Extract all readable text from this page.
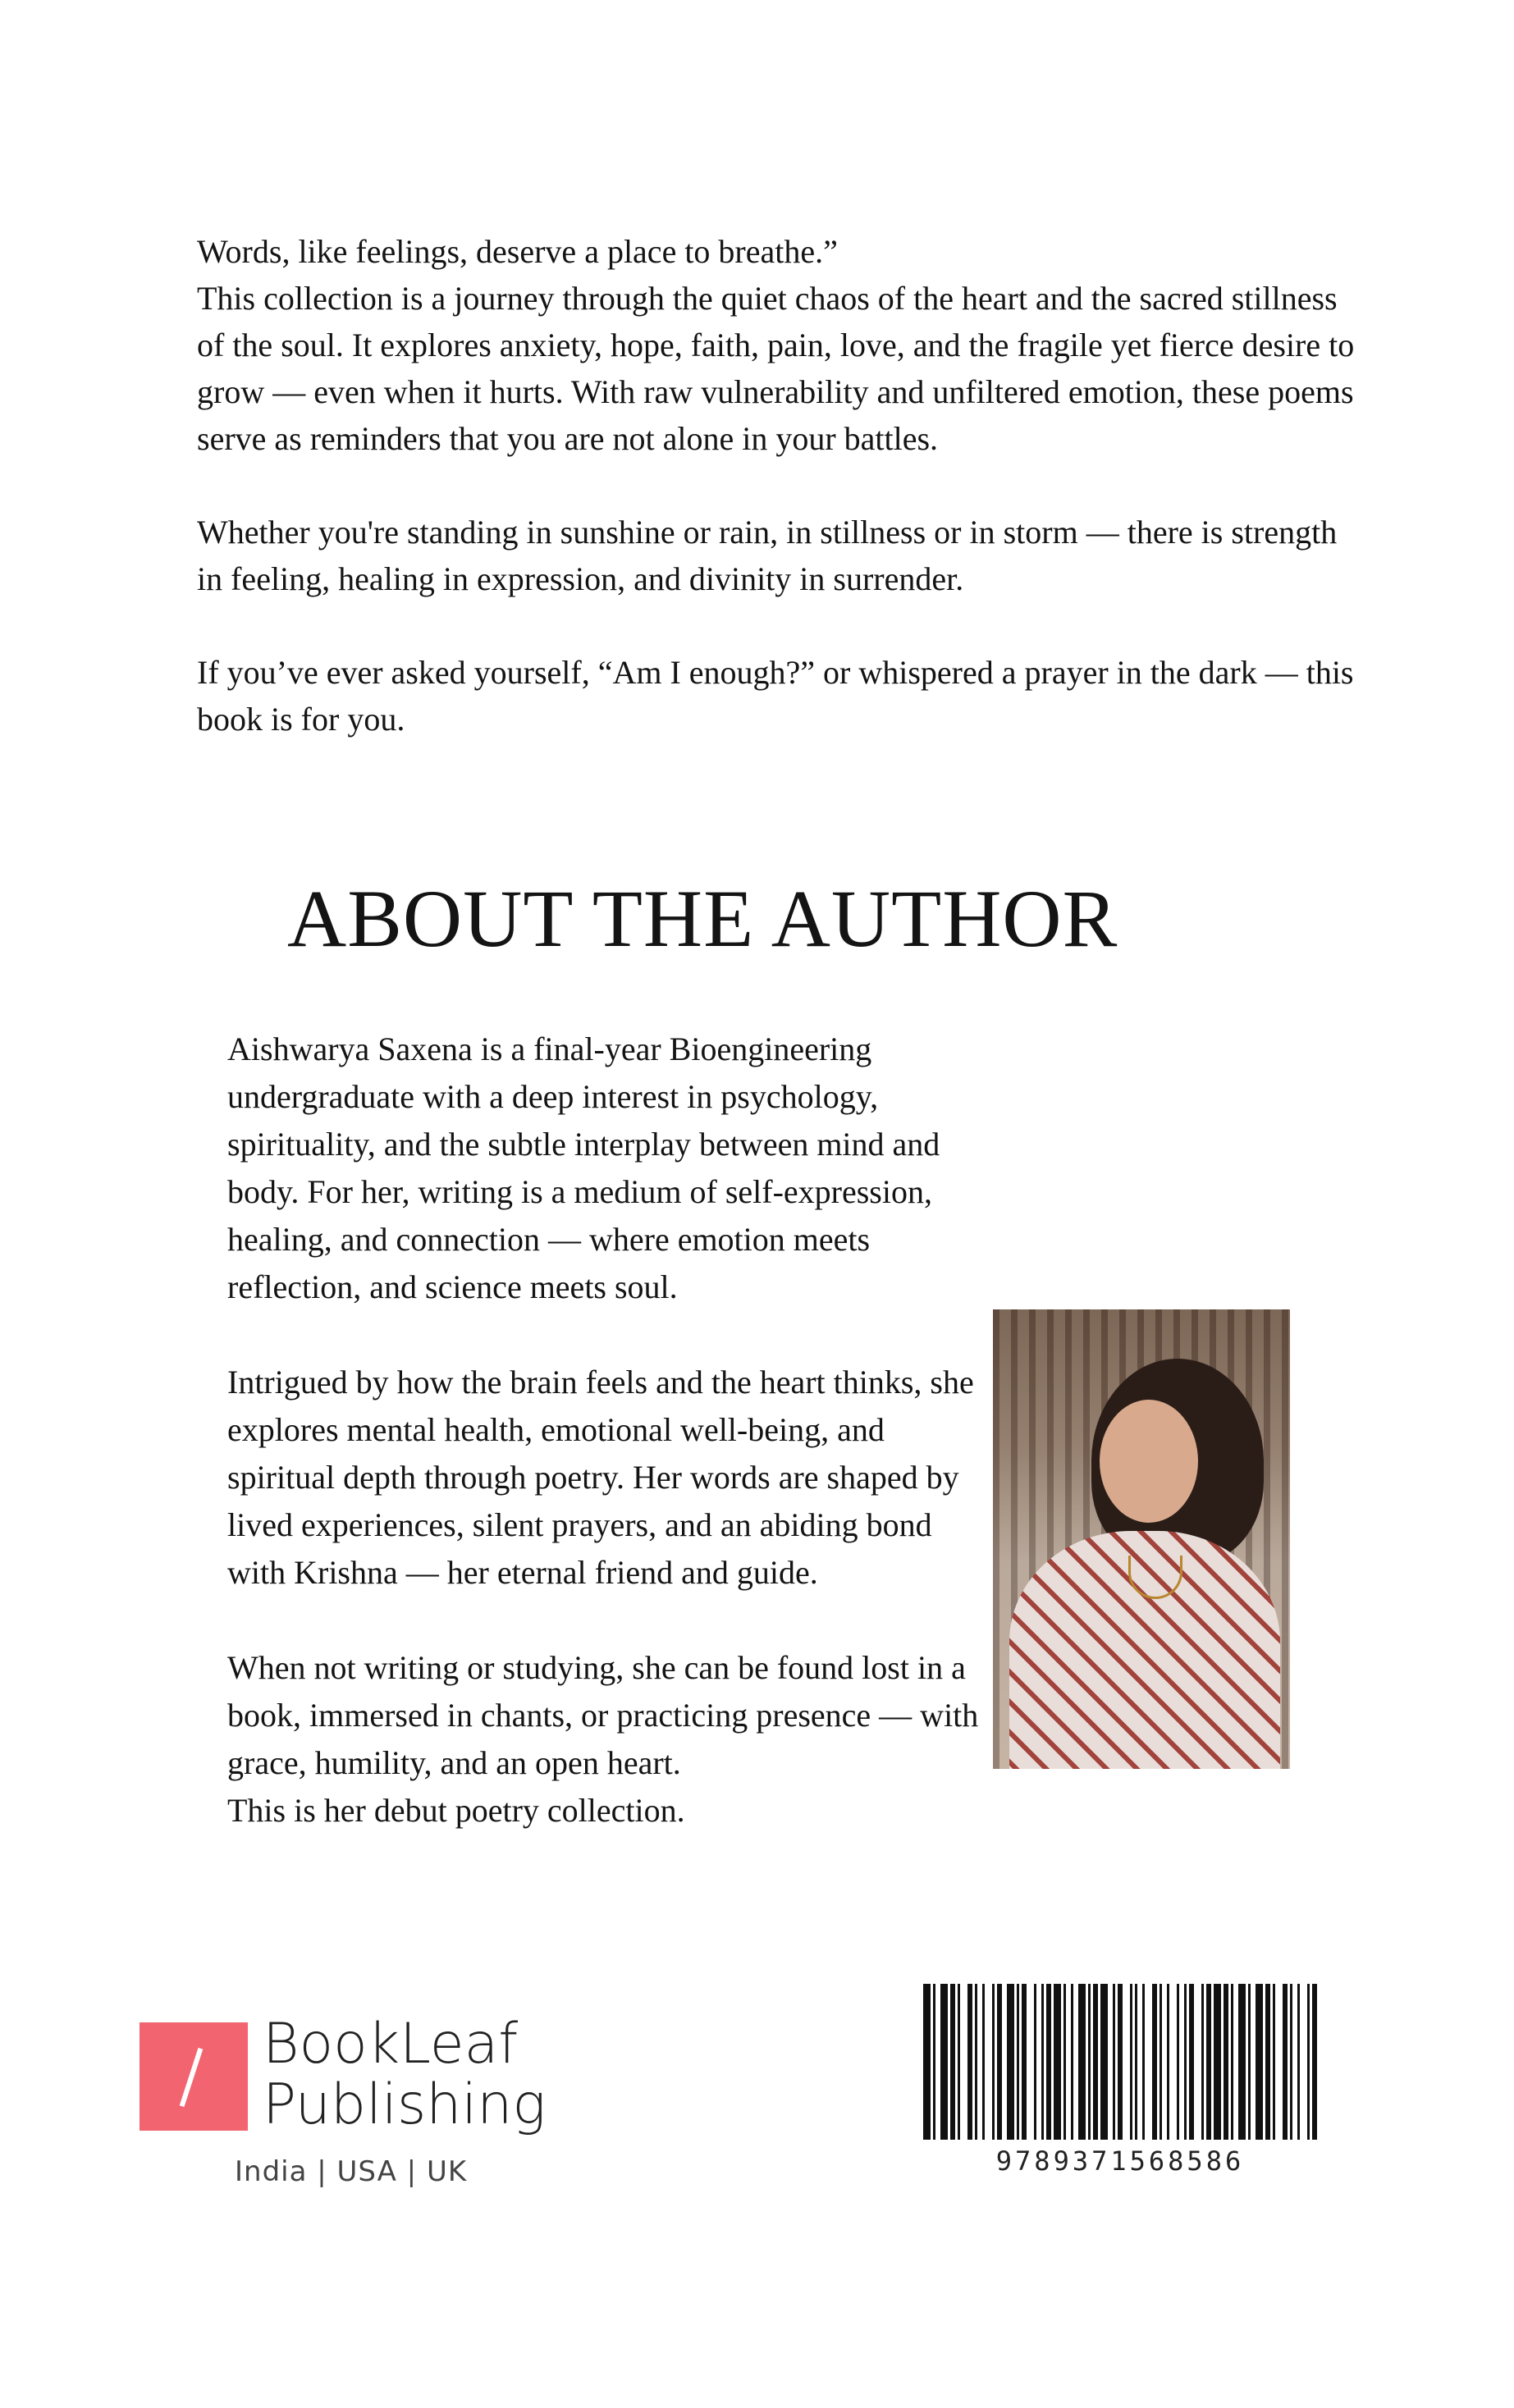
Words, like feelings, deserve a place to breathe.”
This collection is a journey through the quiet chaos of the heart and the sacred stillness of the soul. It explores anxiety, hope, faith, pain, love, and the fragile yet fierce desire to grow — even when it hurts. With raw vulnerability and unfiltered emotion, these poems serve as reminders that you are not alone in your battles.

Whether you're standing in sunshine or rain, in stillness or in storm — there is strength in feeling, healing in expression, and divinity in surrender.

If you’ve ever asked yourself, “Am I enough?” or whispered a prayer in the dark — this book is for you.

ABOUT THE AUTHOR

Aishwarya Saxena is a final-year Bioengineering undergraduate with a deep interest in psychology, spirituality, and the subtle interplay between mind and body. For her, writing is a medium of self-expression, healing, and connection — where emotion meets reflection, and science meets soul.

Intrigued by how the brain feels and the heart thinks, she explores mental health, emotional well-being, and spiritual depth through poetry. Her words are shaped by lived experiences, silent prayers, and an abiding bond with Krishna — her eternal friend and guide.

When not writing or studying, she can be found lost in a book, immersed in chants, or practicing presence — with grace, humility, and an open heart.
This is her debut poetry collection.

BookLeaf
Publishing
India | USA | UK	9789371568586
